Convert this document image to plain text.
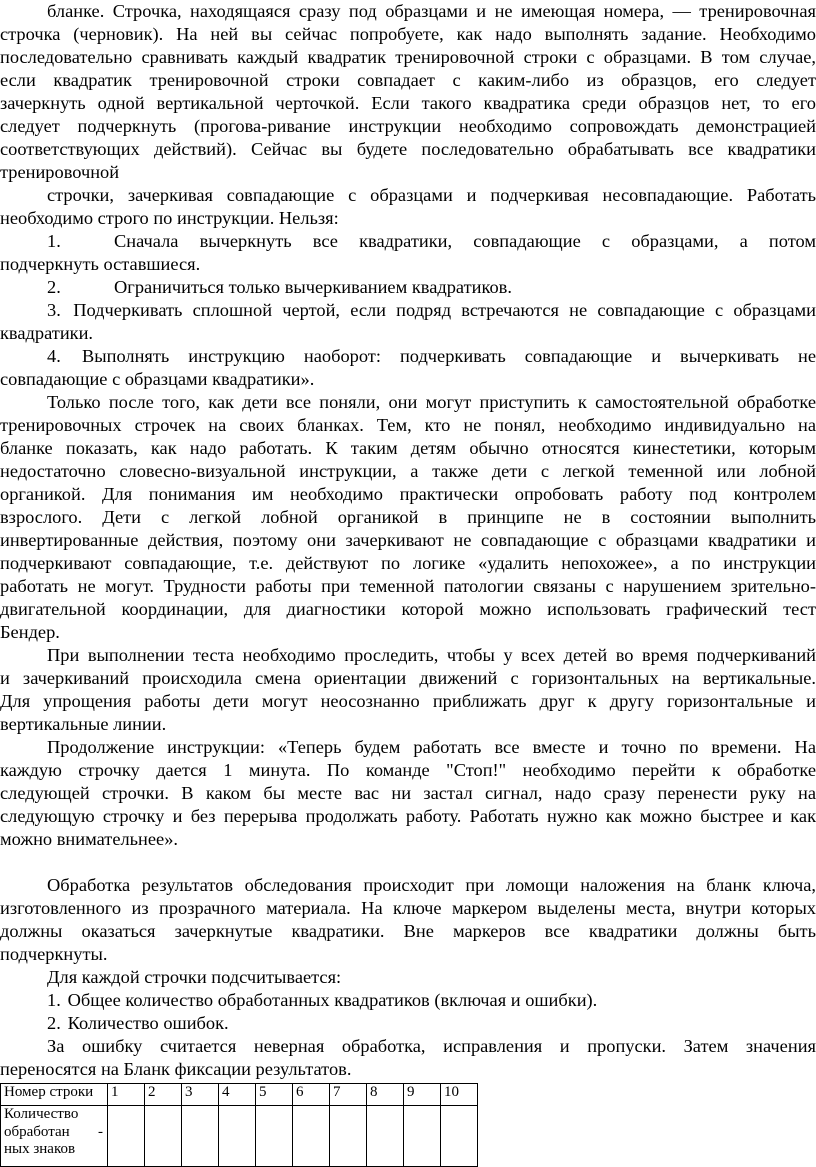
бланке. Строчка, находящаяся сразу под образцами и не имеющая номера, — тренировочная
строчка (черновик). На ней вы сейчас попробуете, как надо выполнять задание. Необходимо
последовательно сравнивать каждый квадратик тренировочной строки с образцами. В том случае,
если квадратик тренировочной строки совпадает с каким-либо из образцов, его следует
зачеркнуть одной вертикальной черточкой. Если такого квадратика среди образцов нет, то его
следует подчеркнуть (прогова-ривание инструкции необходимо сопровождать демонстрацией
соответствующих действий). Сейчас вы будете последовательно обрабатывать все квадратики
тренировочной
строчки, зачеркивая совпадающие с образцами и подчеркивая несовпадающие. Работать
необходимо строго по инструкции. Нельзя:
1.	Сначала вычеркнуть все квадратики, совпадающие с образцами, а потом
подчеркнуть оставшиеся.
2.	Ограничиться только вычеркиванием квадратиков.
3. Подчеркивать сплошной чертой, если подряд встречаются не совпадающие с образцами
квадратики.
4. Выполнять инструкцию наоборот: подчеркивать совпадающие и вычеркивать не
совпадающие с образцами квадратики».
Только после того, как дети все поняли, они могут приступить к самостоятельной обработке
тренировочных строчек на своих бланках. Тем, кто не понял, необходимо индивидуально на
бланке показать, как надо работать. К таким детям обычно относятся кинестетики, которым
недостаточно словесно-визуальной инструкции, а также дети с легкой теменной или лобной
органикой. Для понимания им необходимо практически опробовать работу под контролем
взрослого. Дети с легкой лобной органикой в принципе не в состоянии выполнить
инвертированные действия, поэтому они зачеркивают не совпадающие с образцами квадратики и
подчеркивают совпадающие, т.е. действуют по логике «удалить непохожее», а по инструкции
работать не могут. Трудности работы при теменной патологии связаны с нарушением зрительно-
двигательной координации, для диагностики которой можно использовать графический тест
Бендер.
При выполнении теста необходимо проследить, чтобы у всех детей во время подчеркиваний
и зачеркиваний происходила смена ориентации движений с горизонтальных на вертикальные.
Для упрощения работы дети могут неосознанно приближать друг к другу горизонтальные и
вертикальные линии.
Продолжение инструкции: «Теперь будем работать все вместе и точно по времени. На
каждую строчку дается 1 минута. По команде "Стоп!" необходимо перейти к обработке
следующей строчки. В каком бы месте вас ни застал сигнал, надо сразу перенести руку на
следующую строчку и без перерыва продолжать работу. Работать нужно как можно быстрее и как
можно внимательнее».
Обработка результатов обследования происходит при ломощи наложения на бланк ключа,
изготовленного из прозрачного материала. На ключе маркером выделены места, внутри которых
должны оказаться зачеркнутые квадратики. Вне маркеров все квадратики должны быть
подчеркнуты.
Для каждой строчки подсчитывается:
1. Общее количество обработанных квадратиков (включая и ошибки).
2. Количество ошибок.
За ошибку считается неверная обработка, исправления и пропуски. Затем значения
переносятся на Бланк фиксации результатов.
Номер строки	1	2	3	4	5	6	7	8	9	10

Количество
обработан
ных знаков
-										
